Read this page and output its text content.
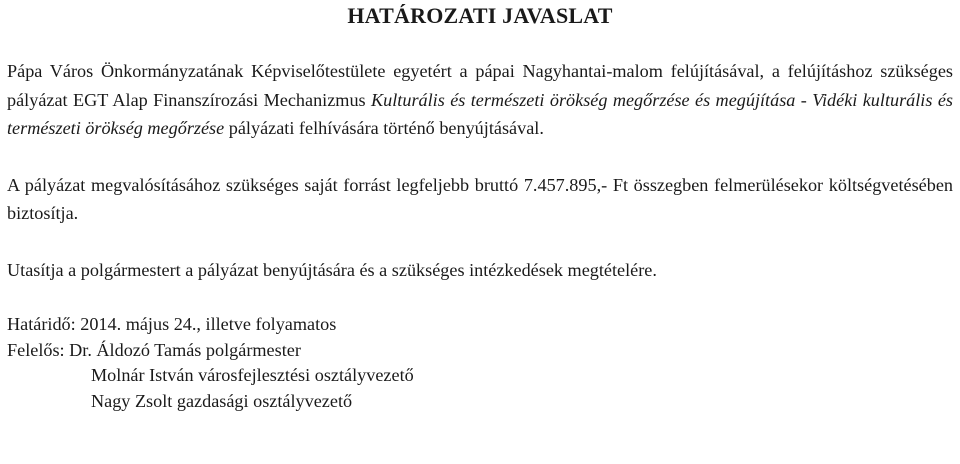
HATÁROZATI JAVASLAT

Pápa Város Önkormányzatának Képviselőtestülete egyetért a pápai Nagyhantai-malom felújításával, a felújításhoz szükséges pályázat EGT Alap Finanszírozási Mechanizmus Kulturális és természeti örökség megőrzése és megújítása - Vidéki kulturális és természeti örökség megőrzése pályázati felhívására történő benyújtásával.

A pályázat megvalósításához szükséges saját forrást legfeljebb bruttó 7.457.895,- Ft összegben felmerülésekor költségvetésében biztosítja.

Utasítja a polgármestert a pályázat benyújtására és a szükséges intézkedések megtételére.

Határidő: 2014. május 24., illetve folyamatos
Felelős: Dr. Áldozó Tamás polgármester
Molnár István városfejlesztési osztályvezető
Nagy Zsolt gazdasági osztályvezető
